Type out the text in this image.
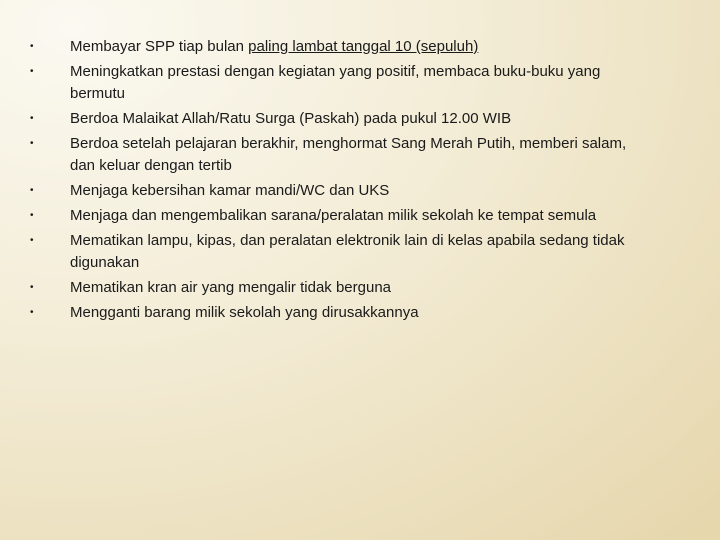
•	Membayar SPP tiap bulan paling lambat tanggal 10 (sepuluh)
•	Meningkatkan prestasi dengan kegiatan yang positif, membaca buku-buku yang bermutu
•	Berdoa Malaikat Allah/Ratu Surga (Paskah) pada pukul 12.00 WIB
•	Berdoa setelah pelajaran berakhir, menghormat Sang Merah Putih, memberi salam, dan keluar dengan tertib
•	Menjaga kebersihan kamar mandi/WC dan UKS
•	Menjaga dan mengembalikan sarana/peralatan milik sekolah ke tempat semula
•	Mematikan lampu, kipas, dan peralatan elektronik lain di kelas apabila sedang tidak digunakan
•	Mematikan kran air yang mengalir tidak berguna
•	Mengganti barang milik sekolah yang dirusakkannya
